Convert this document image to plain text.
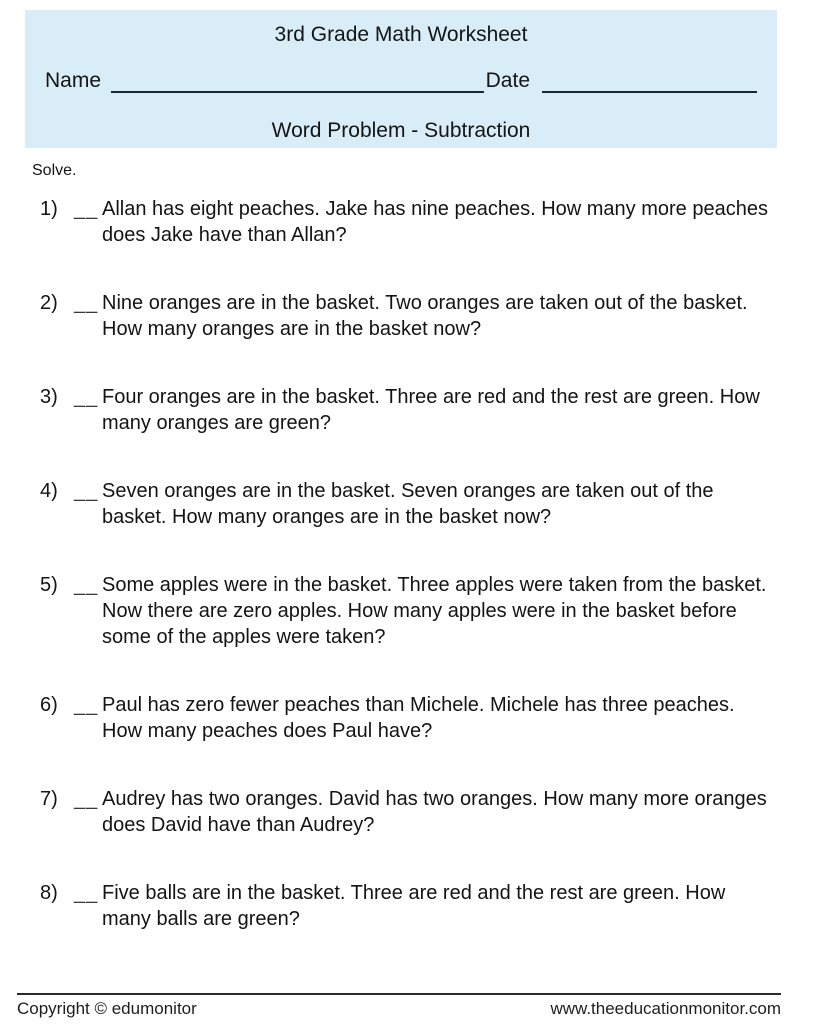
3rd Grade Math Worksheet
Name	Date
Word Problem - Subtraction
Solve.
1) __ Allan has eight peaches. Jake has nine peaches. How many more peaches does Jake have than Allan?
2) __ Nine oranges are in the basket. Two oranges are taken out of the basket. How many oranges are in the basket now?
3) __ Four oranges are in the basket. Three are red and the rest are green. How many oranges are green?
4) __ Seven oranges are in the basket. Seven oranges are taken out of the basket. How many oranges are in the basket now?
5) __ Some apples were in the basket. Three apples were taken from the basket. Now there are zero apples. How many apples were in the basket before some of the apples were taken?
6) __ Paul has zero fewer peaches than Michele. Michele has three peaches. How many peaches does Paul have?
7) __ Audrey has two oranges. David has two oranges. How many more oranges does David have than Audrey?
8) __ Five balls are in the basket. Three are red and the rest are green. How many balls are green?
Copyright © edumonitor	www.theeducationmonitor.com
